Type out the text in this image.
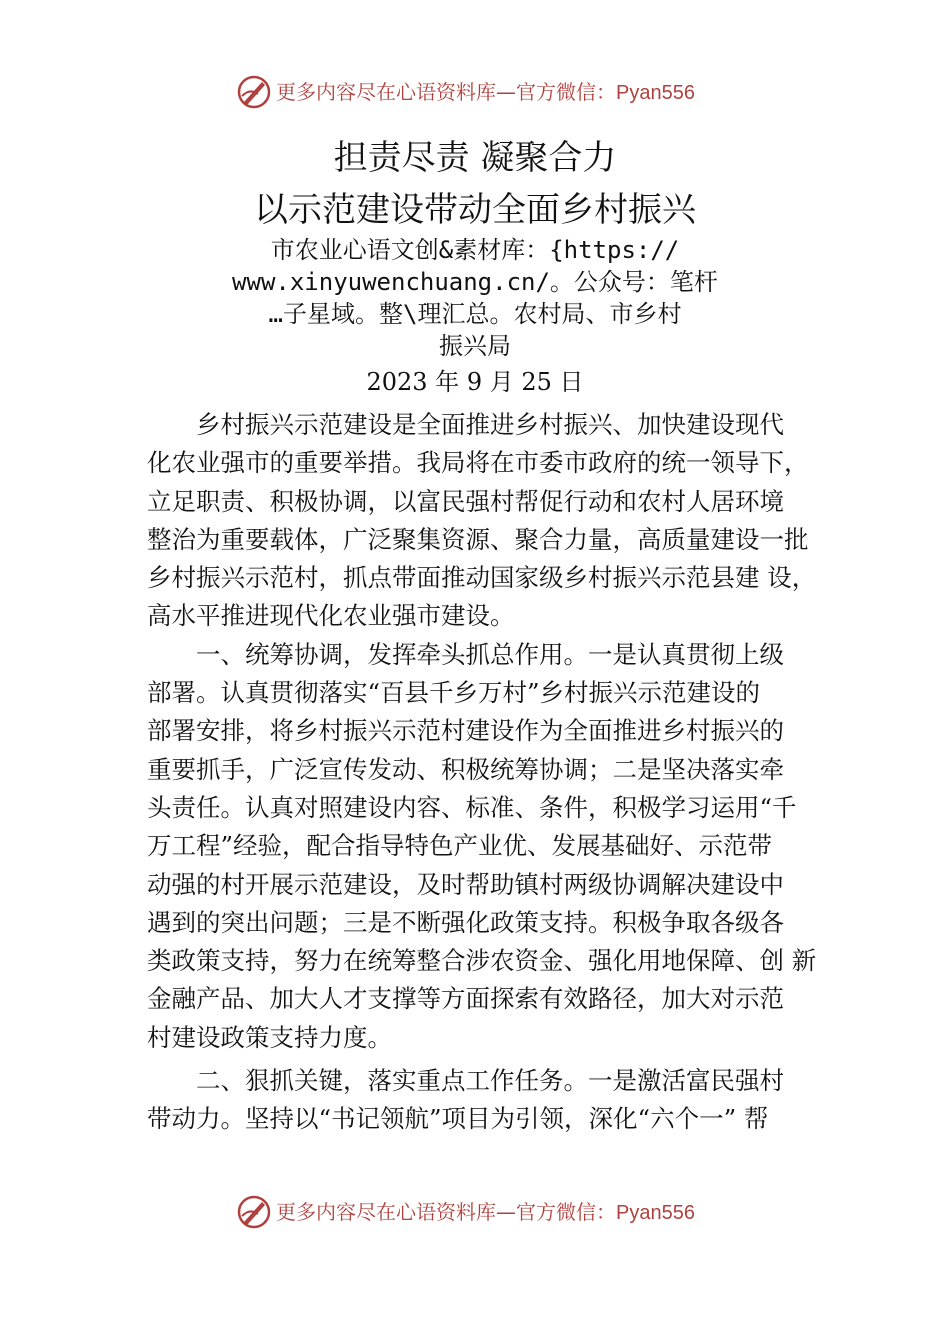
更多内容尽在心语资料库—官方微信：Pyan556
担责尽责 凝聚合力
以示范建设带动全面乡村振兴
市农业心语文创&素材库：{https://
www.xinyuwenchuang.cn/。公众号：笔杆
…子星域。整\理汇总。农村局、市乡村
振兴局
2023 年 9 月 25 日
　　乡村振兴示范建设是全面推进乡村振兴、加快建设现代
化农业强市的重要举措。我局将在市委市政府的统一领导下，
立足职责、积极协调，以富民强村帮促行动和农村人居环境
整治为重要载体，广泛聚集资源、聚合力量，高质量建设一批
乡村振兴示范村，抓点带面推动国家级乡村振兴示范县建 设，
高水平推进现代化农业强市建设。
　　一、统筹协调，发挥牵头抓总作用。一是认真贯彻上级
部署。认真贯彻落实“百县千乡万村”乡村振兴示范建设的
部署安排，将乡村振兴示范村建设作为全面推进乡村振兴的
重要抓手，广泛宣传发动、积极统筹协调；二是坚决落实牵
头责任。认真对照建设内容、标准、条件，积极学习运用“千
万工程”经验，配合指导特色产业优、发展基础好、示范带
动强的村开展示范建设，及时帮助镇村两级协调解决建设中
遇到的突出问题；三是不断强化政策支持。积极争取各级各
类政策支持，努力在统筹整合涉农资金、强化用地保障、创 新
金融产品、加大人才支撑等方面探索有效路径，加大对示范
村建设政策支持力度。
　　二、狠抓关键，落实重点工作任务。一是激活富民强村
带动力。坚持以“书记领航”项目为引领，深化“六个一” 帮
更多内容尽在心语资料库—官方微信：Pyan556
